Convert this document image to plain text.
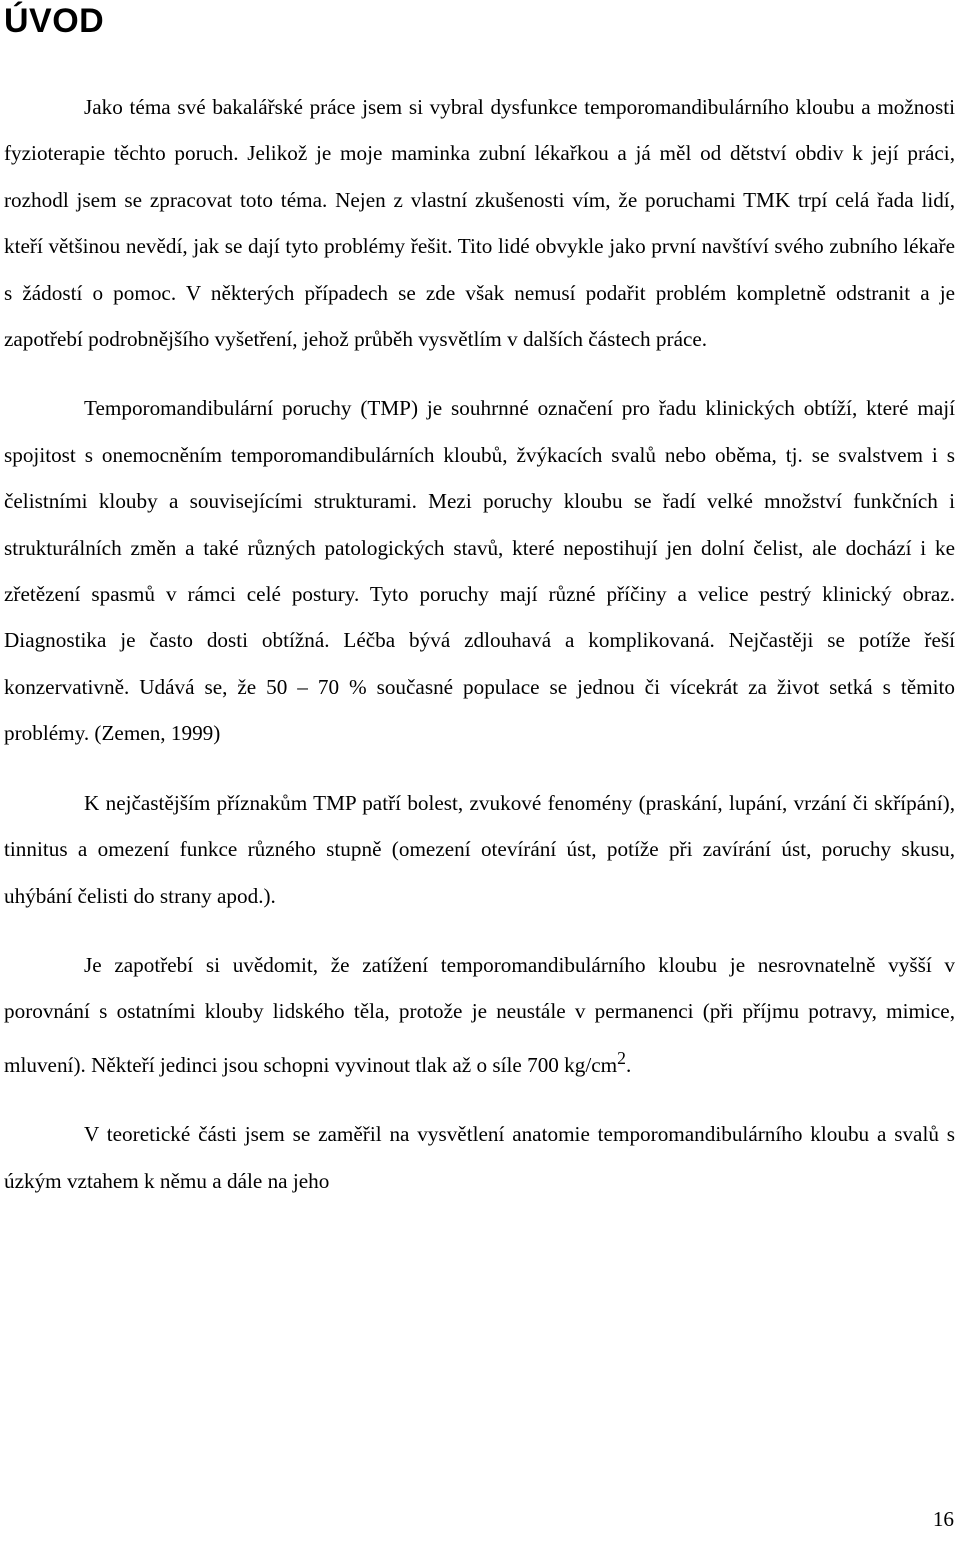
ÚVOD

Jako téma své bakalářské práce jsem si vybral dysfunkce temporomandibulárního kloubu a možnosti fyzioterapie těchto poruch. Jelikož je moje maminka zubní lékařkou a já měl od dětství obdiv k její práci, rozhodl jsem se zpracovat toto téma. Nejen z vlastní zkušenosti vím, že poruchami TMK trpí celá řada lidí, kteří většinou nevědí, jak se dají tyto problémy řešit. Tito lidé obvykle jako první navštíví svého zubního lékaře s žádostí o pomoc. V některých případech se zde však nemusí podařit problém kompletně odstranit a je zapotřebí podrobnějšího vyšetření, jehož průběh vysvětlím v dalších částech práce.

Temporomandibulární poruchy (TMP) je souhrnné označení pro řadu klinických obtíží, které mají spojitost s onemocněním temporomandibulárních kloubů, žvýkacích svalů nebo oběma, tj. se svalstvem i s čelistními klouby a souvisejícími strukturami. Mezi poruchy kloubu se řadí velké množství funkčních i strukturálních změn a také různých patologických stavů, které nepostihují jen dolní čelist, ale dochází i ke zřetězení spasmů v rámci celé postury. Tyto poruchy mají různé příčiny a velice pestrý klinický obraz. Diagnostika je často dosti obtížná. Léčba bývá zdlouhavá a komplikovaná. Nejčastěji se potíže řeší konzervativně. Udává se, že 50 – 70 % současné populace se jednou či vícekrát za život setká s těmito problémy. (Zemen, 1999)

K nejčastějším příznakům TMP patří bolest, zvukové fenomény (praskání, lupání, vrzání či skřípání), tinnitus a omezení funkce různého stupně (omezení otevírání úst, potíže při zavírání úst, poruchy skusu, uhýbání čelisti do strany apod.).

Je zapotřebí si uvědomit, že zatížení temporomandibulárního kloubu je nesrovnatelně vyšší v porovnání s ostatními klouby lidského těla, protože je neustále v permanenci (při příjmu potravy, mimice, mluvení). Někteří jedinci jsou schopni vyvinout tlak až o síle 700 $kg/cm^2$.

V teoretické části jsem se zaměřil na vysvětlení anatomie temporomandibulárního kloubu a svalů s úzkým vztahem k němu a dále na jeho

16
